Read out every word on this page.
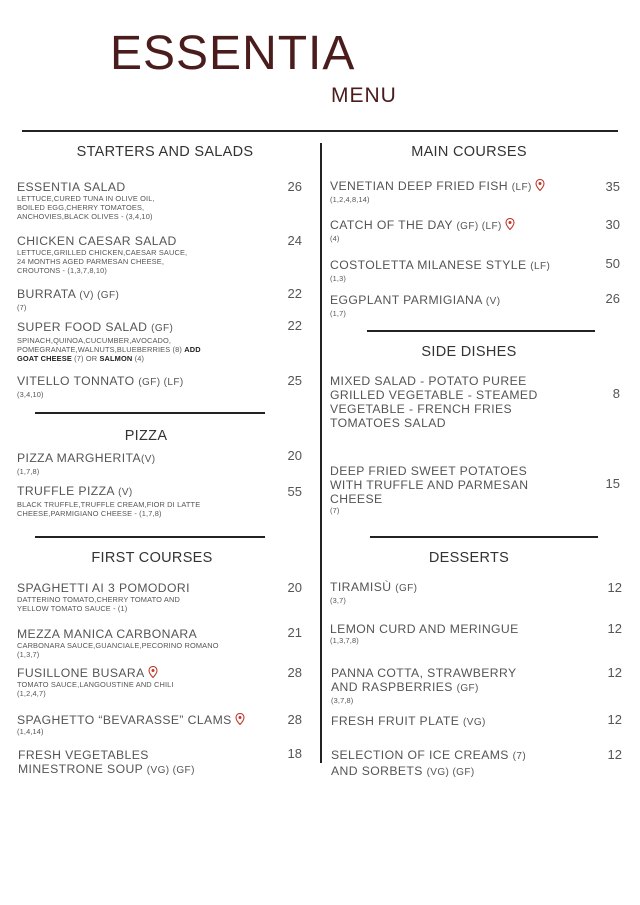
ESSENTIA
MENU
STARTERS AND SALADS
ESSENTIA SALAD
LETTUCE,CURED TUNA IN OLIVE OIL,
BOILED EGG,CHERRY TOMATOES,
ANCHOVIES,BLACK OLIVES - (3,4,10)
26
CHICKEN CAESAR SALAD
LETTUCE,GRILLED CHICKEN,CAESAR SAUCE,
24 MONTHS AGED PARMESAN CHEESE,
CROUTONS - (1,3,7,8,10)
24
BURRATA (V) (GF)
(7)
22
SUPER FOOD SALAD (GF)
SPINACH,QUINOA,CUCUMBER,AVOCADO,
POMEGRANATE,WALNUTS,BLUEBERRIES (8) ADD
GOAT CHEESE (7) OR SALMON (4)
22
VITELLO TONNATO (GF) (LF)
(3,4,10)
25
PIZZA
PIZZA MARGHERITA(V)
(1,7,8)
20
TRUFFLE PIZZA (V)
BLACK TRUFFLE,TRUFFLE CREAM,FIOR DI LATTE
CHEESE,PARMIGIANO CHEESE - (1,7,8)
55
FIRST COURSES
SPAGHETTI AI 3 POMODORI
DATTERINO TOMATO,CHERRY TOMATO AND
YELLOW TOMATO SAUCE - (1)
20
MEZZA MANICA CARBONARA
CARBONARA SAUCE,GUANCIALE,PECORINO ROMANO
(1,3,7)
21
FUSILLONE BUSARA
TOMATO SAUCE,LANGOUSTINE AND CHILI
(1,2,4,7)
28
SPAGHETTO “BEVARASSE” CLAMS
(1,4,14)
28
FRESH VEGETABLES
MINESTRONE SOUP (VG) (GF)
18
MAIN COURSES
VENETIAN DEEP FRIED FISH (LF)
(1,2,4,8,14)
35
CATCH OF THE DAY (GF) (LF)
(4)
30
COSTOLETTA MILANESE STYLE (LF)
(1,3)
50
EGGPLANT PARMIGIANA (V)
(1,7)
26
SIDE DISHES
MIXED SALAD - POTATO PUREE
GRILLED VEGETABLE - STEAMED
VEGETABLE - FRENCH FRIES
TOMATOES SALAD
8
DEEP FRIED SWEET POTATOES
WITH TRUFFLE AND PARMESAN
CHEESE
(7)
15
DESSERTS
TIRAMISÙ (GF)
(3,7)
12
LEMON CURD AND MERINGUE
(1,3,7,8)
12
PANNA COTTA, STRAWBERRY
AND RASPBERRIES (GF)
(3,7,8)
12
FRESH FRUIT PLATE (VG)	12
SELECTION OF ICE CREAMS (7)
AND SORBETS (VG) (GF)
12
